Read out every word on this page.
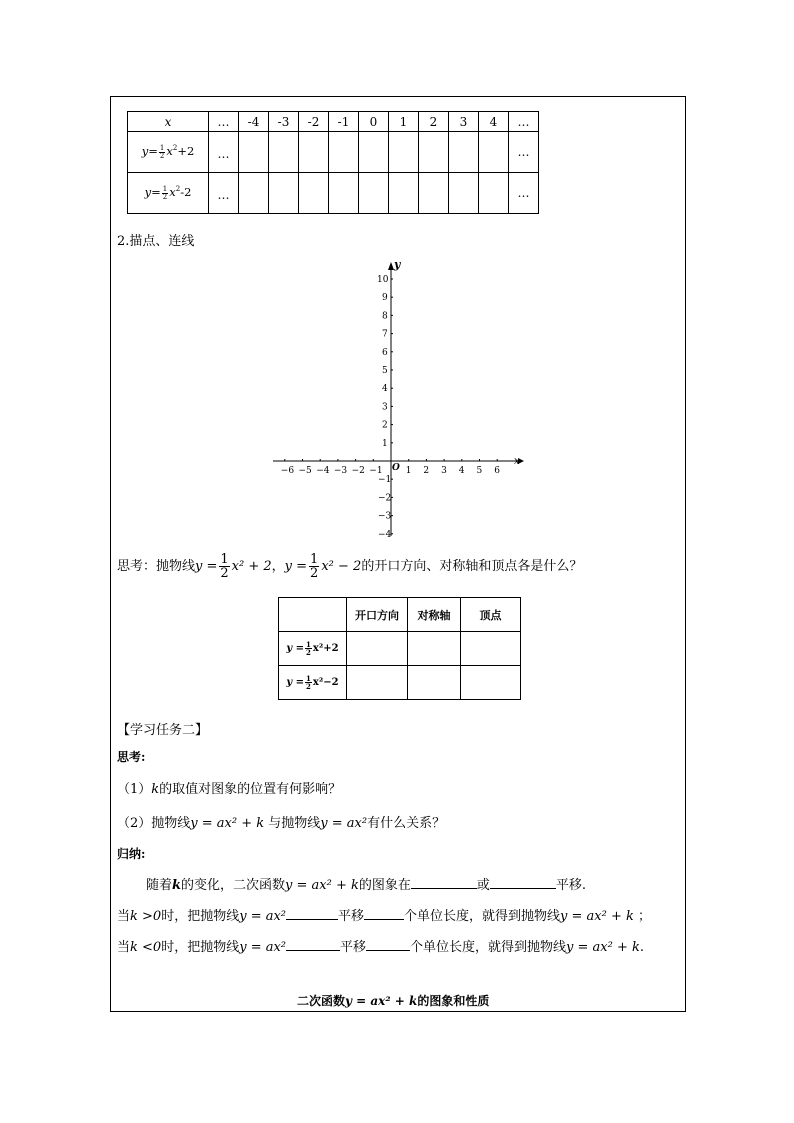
x	…	-4	-3	-2	-1	0	1	2	3	4	…
$y= \frac{1}{2} x^2+2$	…										…
$y= \frac{1}{2} x^2-2$	…										…
2.描点、连线
x
y
O
−6 −5 −4 −3 −2 −1	1 2 3 4 5 6
10
9
8
7
6
5
4
3
2
1
−1
−2
−3
−4
思考：抛物线$y = \frac{1}{2} x^2 + 2$，$y = \frac{1}{2} x^2 - 2$的开口方向、对称轴和顶点各是什么？
	开口方向	对称轴	顶点
$y = \frac{1}{2} x^2+2$			
$y = \frac{1}{2} x^2-2$			
【学习任务二】
思考:
（1）k的取值对图象的位置有何影响？
（2）抛物线y = ax² + k 与抛物线y = ax²有什么关系？
归纳:
随着k的变化，二次函数y = ax² + k的图象在	或	平移.
当k >0时，把抛物线y = ax²	平移	个单位长度，就得到抛物线y = ax² + k ；
当k <0时，把抛物线y = ax²	平移	个单位长度，就得到抛物线y = ax² + k.
二次函数y = ax² + k的图象和性质
